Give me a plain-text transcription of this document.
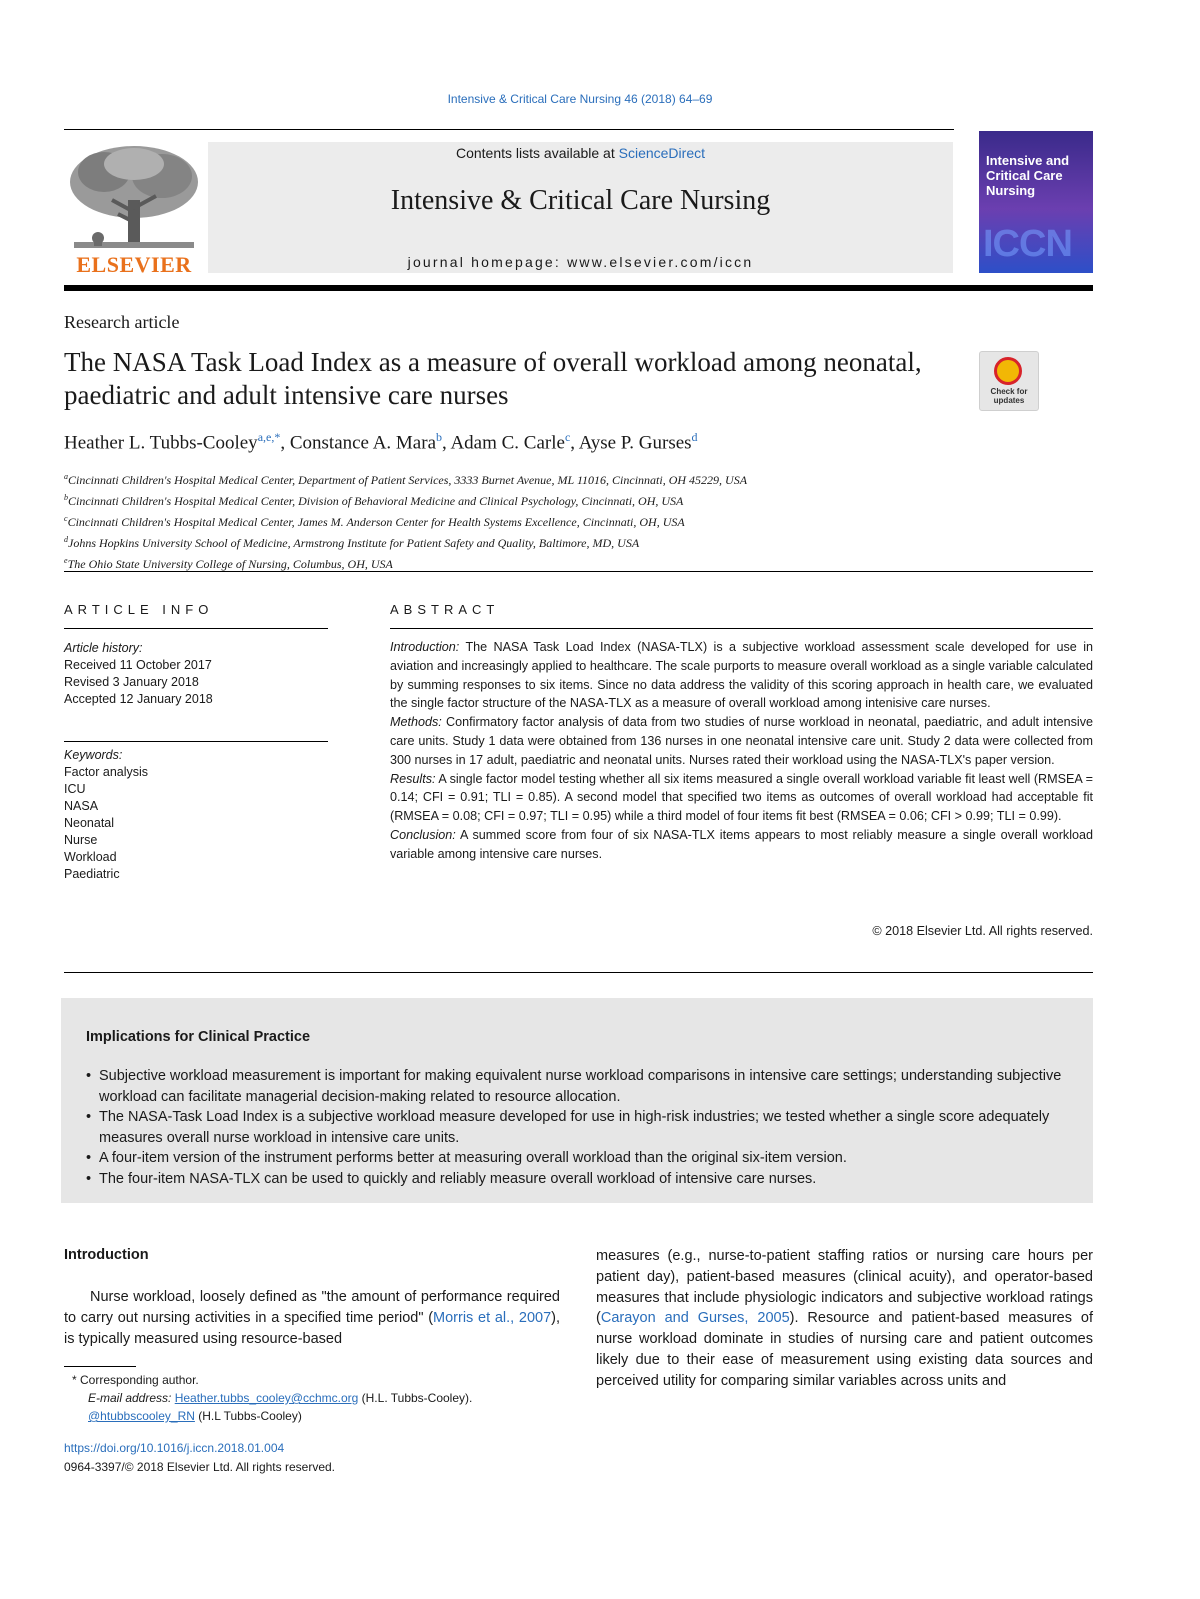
Intensive & Critical Care Nursing 46 (2018) 64–69
ELSEVIER
Contents lists available at ScienceDirect
Intensive & Critical Care Nursing
journal homepage: www.elsevier.com/iccn
Intensive and Critical Care Nursing
ICCN
Research article
The NASA Task Load Index as a measure of overall workload among neonatal, paediatric and adult intensive care nurses	Check for updates
Heather L. Tubbs-Cooley$^{a,e,*}$, Constance A. Mara$^b$, Adam C. Carle$^c$, Ayse P. Gurses$^d$
$^a$Cincinnati Children's Hospital Medical Center, Department of Patient Services, 3333 Burnet Avenue, ML 11016, Cincinnati, OH 45229, USA
$^b$Cincinnati Children's Hospital Medical Center, Division of Behavioral Medicine and Clinical Psychology, Cincinnati, OH, USA
$^c$Cincinnati Children's Hospital Medical Center, James M. Anderson Center for Health Systems Excellence, Cincinnati, OH, USA
$^d$Johns Hopkins University School of Medicine, Armstrong Institute for Patient Safety and Quality, Baltimore, MD, USA
$^e$The Ohio State University College of Nursing, Columbus, OH, USA
ARTICLE INFO
Article history:
Received 11 October 2017
Revised 3 January 2018
Accepted 12 January 2018
Keywords:
Factor analysis
ICU
NASA
Neonatal
Nurse
Workload
Paediatric
ABSTRACT

Introduction: The NASA Task Load Index (NASA-TLX) is a subjective workload assessment scale developed for use in aviation and increasingly applied to healthcare. The scale purports to measure overall workload as a single variable calculated by summing responses to six items. Since no data address the validity of this scoring approach in health care, we evaluated the single factor structure of the NASA-TLX as a measure of overall workload among intenisive care nurses.

Methods: Confirmatory factor analysis of data from two studies of nurse workload in neonatal, paediatric, and adult intensive care units. Study 1 data were obtained from 136 nurses in one neonatal intensive care unit. Study 2 data were collected from 300 nurses in 17 adult, paediatric and neonatal units. Nurses rated their workload using the NASA-TLX's paper version.

Results: A single factor model testing whether all six items measured a single overall workload variable fit least well (RMSEA = 0.14; CFI = 0.91; TLI = 0.85). A second model that specified two items as outcomes of overall workload had acceptable fit (RMSEA = 0.08; CFI = 0.97; TLI = 0.95) while a third model of four items fit best (RMSEA = 0.06; CFI > 0.99; TLI = 0.99).

Conclusion: A summed score from four of six NASA-TLX items appears to most reliably measure a single overall workload variable among intensive care nurses.

© 2018 Elsevier Ltd. All rights reserved.
Implications for Clinical Practice
• Subjective workload measurement is important for making equivalent nurse workload comparisons in intensive care settings; understanding subjective workload can facilitate managerial decision-making related to resource allocation.
• The NASA-Task Load Index is a subjective workload measure developed for use in high-risk industries; we tested whether a single score adequately measures overall nurse workload in intensive care units.
• A four-item version of the instrument performs better at measuring overall workload than the original six-item version.
• The four-item NASA-TLX can be used to quickly and reliably measure overall workload of intensive care nurses.
Introduction

Nurse workload, loosely defined as "the amount of performance required to carry out nursing activities in a specified time period" (Morris et al., 2007), is typically measured using resource-based

measures (e.g., nurse-to-patient staffing ratios or nursing care hours per patient day), patient-based measures (clinical acuity), and operator-based measures that include physiologic indicators and subjective workload ratings (Carayon and Gurses, 2005). Resource and patient-based measures of nurse workload dominate in studies of nursing care and patient outcomes likely due to their ease of measurement using existing data sources and perceived utility for comparing similar variables across units and

* Corresponding author.
E-mail address: Heather.tubbs_cooley@cchmc.org (H.L. Tubbs-Cooley).
@htubbscooley_RN (H.L Tubbs-Cooley)
https://doi.org/10.1016/j.iccn.2018.01.004
0964-3397/© 2018 Elsevier Ltd. All rights reserved.
